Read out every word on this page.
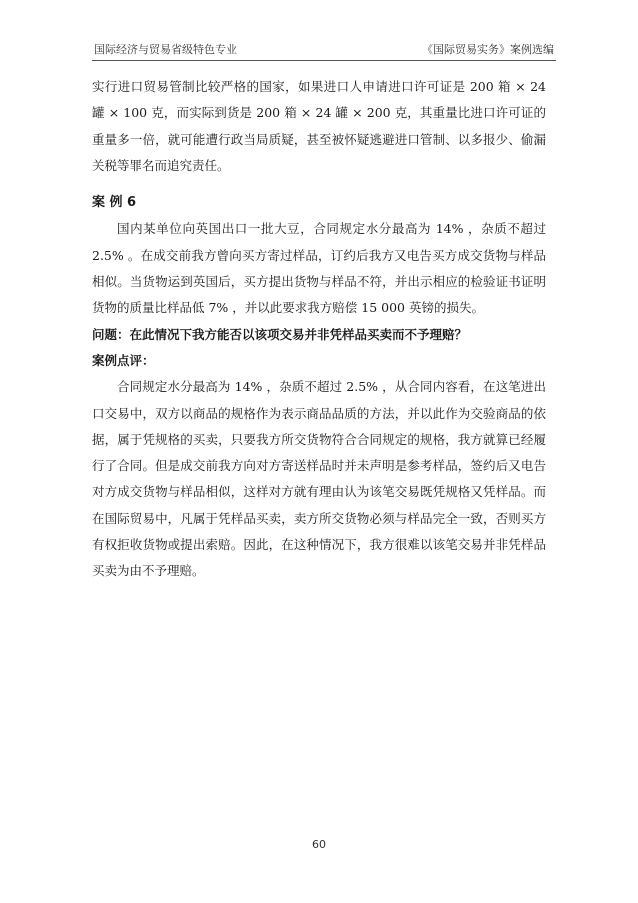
国际经济与贸易省级特色专业	《国际贸易实务》案例选编

实行进口贸易管制比较严格的国家，如果进口人申请进口许可证是 200 箱 × 24 罐 × 100 克，而实际到货是 200 箱 × 24 罐 × 200 克，其重量比进口许可证的重量多一倍，就可能遭行政当局质疑，甚至被怀疑逃避进口管制、以多报少、偷漏关税等罪名而追究责任。

案 例 6

国内某单位向英国出口一批大豆，合同规定水分最高为 14% ，杂质不超过 2.5% 。在成交前我方曾向买方寄过样品，订约后我方又电告买方成交货物与样品相似。当货物运到英国后，买方提出货物与样品不符，并出示相应的检验证书证明货物的质量比样品低 7% ，并以此要求我方赔偿 15 000 英镑的损失。

问题：在此情况下我方能否以该项交易并非凭样品买卖而不予理赔？
案例点评：

合同规定水分最高为 14% ，杂质不超过 2.5% ，从合同内容看，在这笔进出口交易中，双方以商品的规格作为表示商品品质的方法，并以此作为交验商品的依据，属于凭规格的买卖，只要我方所交货物符合合同规定的规格，我方就算已经履行了合同。但是成交前我方向对方寄送样品时并未声明是参考样品，签约后又电告对方成交货物与样品相似，这样对方就有理由认为该笔交易既凭规格又凭样品。而在国际贸易中，凡属于凭样品买卖，卖方所交货物必须与样品完全一致，否则买方有权拒收货物或提出索赔。因此，在这种情况下，我方很难以该笔交易并非凭样品买卖为由不予理赔。

60
